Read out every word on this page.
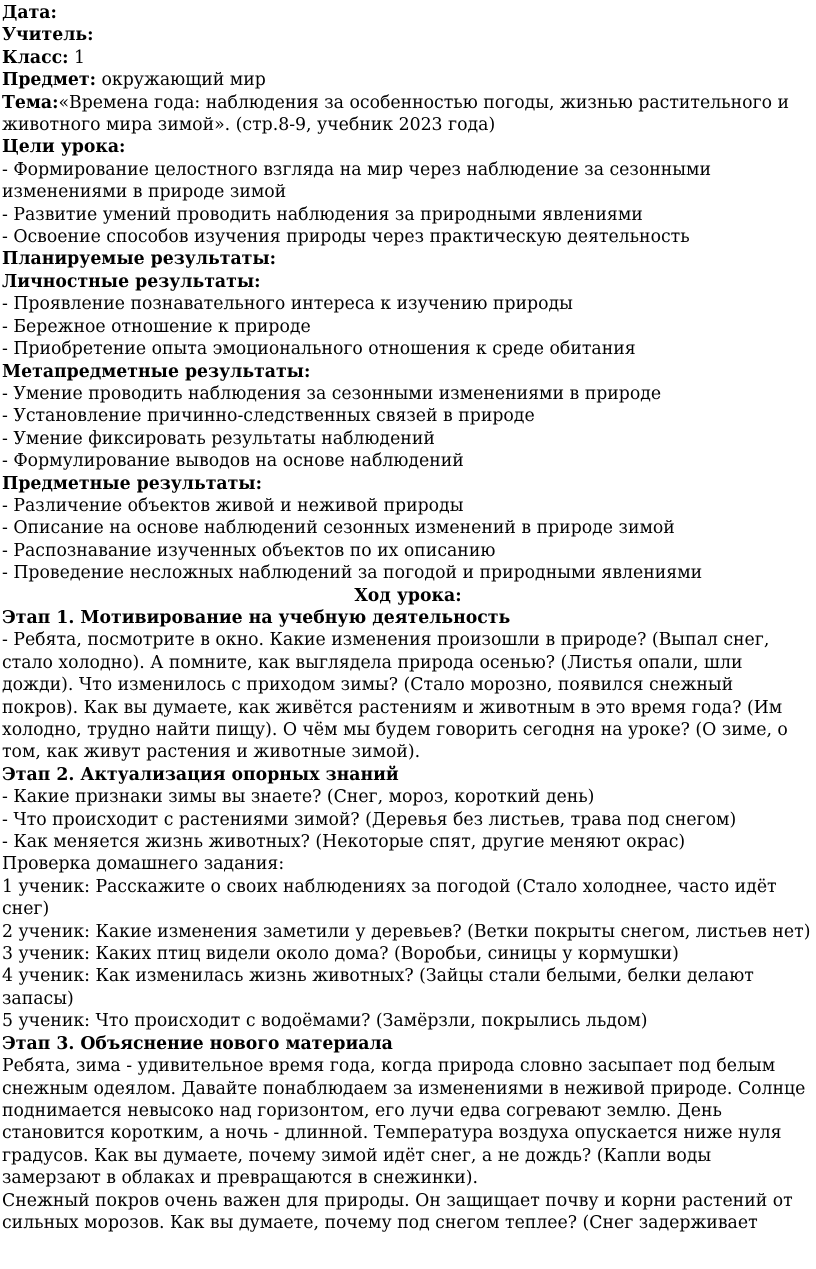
Дата:

Учитель:

Класс: 1

Предмет: окружающий мир

Тема:«Времена года: наблюдения за особенностью погоды, жизнью растительного и животного мира зимой». (стр.8-9, учебник 2023 года)

Цели урока:

- Формирование целостного взгляда на мир через наблюдение за сезонными изменениями в природе зимой

- Развитие умений проводить наблюдения за природными явлениями

- Освоение способов изучения природы через практическую деятельность

Планируемые результаты:

Личностные результаты:

- Проявление познавательного интереса к изучению природы

- Бережное отношение к природе

- Приобретение опыта эмоционального отношения к среде обитания

Метапредметные результаты:

- Умение проводить наблюдения за сезонными изменениями в природе

- Установление причинно-следственных связей в природе

- Умение фиксировать результаты наблюдений

- Формулирование выводов на основе наблюдений

Предметные результаты:

- Различение объектов живой и неживой природы

- Описание на основе наблюдений сезонных изменений в природе зимой

- Распознавание изученных объектов по их описанию

- Проведение несложных наблюдений за погодой и природными явлениями

Ход урока:

Этап 1. Мотивирование на учебную деятельность

- Ребята, посмотрите в окно. Какие изменения произошли в природе? (Выпал снег, стало холодно). А помните, как выглядела природа осенью? (Листья опали, шли дожди). Что изменилось с приходом зимы? (Стало морозно, появился снежный покров). Как вы думаете, как живётся растениям и животным в это время года? (Им холодно, трудно найти пищу). О чём мы будем говорить сегодня на уроке? (О зиме, о том, как живут растения и животные зимой).

Этап 2. Актуализация опорных знаний

- Какие признаки зимы вы знаете? (Снег, мороз, короткий день)

- Что происходит с растениями зимой? (Деревья без листьев, трава под снегом)

- Как меняется жизнь животных? (Некоторые спят, другие меняют окрас)

Проверка домашнего задания:

1 ученик: Расскажите о своих наблюдениях за погодой (Стало холоднее, часто идёт снег)

2 ученик: Какие изменения заметили у деревьев? (Ветки покрыты снегом, листьев нет)

3 ученик: Каких птиц видели около дома? (Воробьи, синицы у кормушки)

4 ученик: Как изменилась жизнь животных? (Зайцы стали белыми, белки делают запасы)

5 ученик: Что происходит с водоёмами? (Замёрзли, покрылись льдом)

Этап 3. Объяснение нового материала

Ребята, зима - удивительное время года, когда природа словно засыпает под белым снежным одеялом. Давайте понаблюдаем за изменениями в неживой природе. Солнце поднимается невысоко над горизонтом, его лучи едва согревают землю. День становится коротким, а ночь - длинной. Температура воздуха опускается ниже нуля градусов. Как вы думаете, почему зимой идёт снег, а не дождь? (Капли воды замерзают в облаках и превращаются в снежинки).

Снежный покров очень важен для природы. Он защищает почву и корни растений от сильных морозов. Как вы думаете, почему под снегом теплее? (Снег задерживает
